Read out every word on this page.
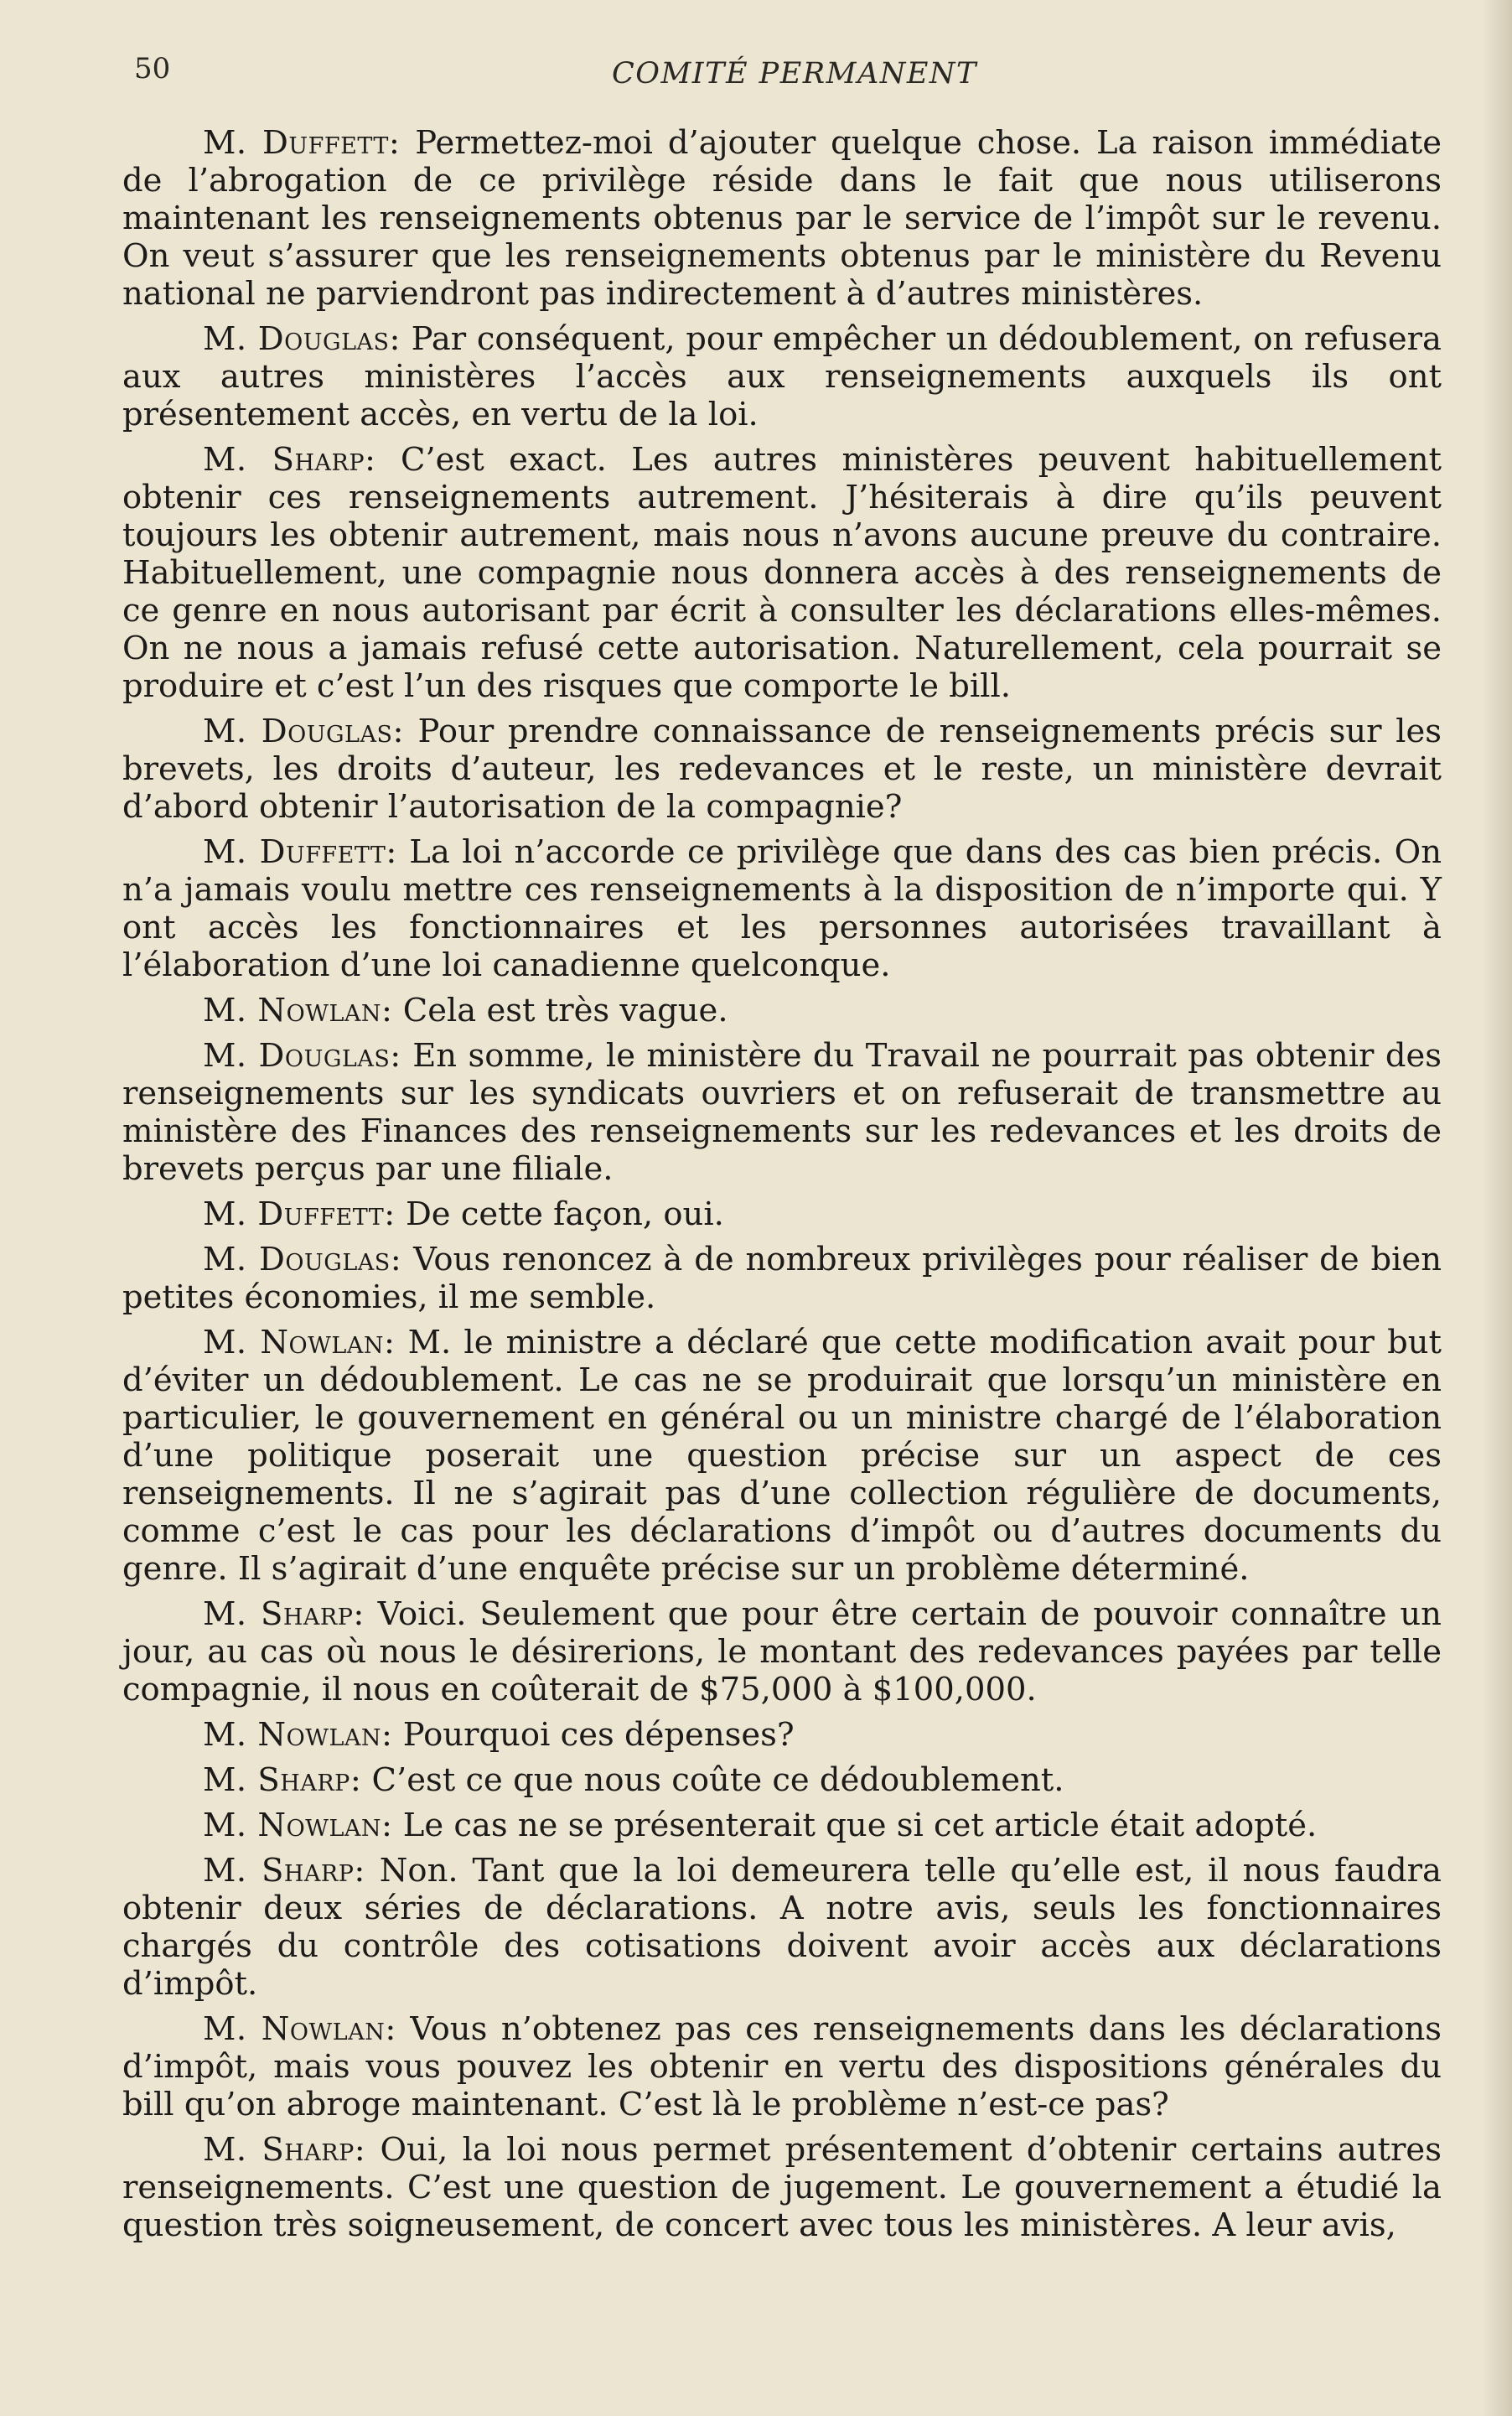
50	COMITÉ PERMANENT

M. Duffett: Permettez-moi d’ajouter quelque chose. La raison immédiate de l’abrogation de ce privilège réside dans le fait que nous utiliserons maintenant les renseignements obtenus par le service de l’impôt sur le revenu. On veut s’assurer que les renseignements obtenus par le ministère du Revenu national ne parviendront pas indirectement à d’autres ministères.

M. Douglas: Par conséquent, pour empêcher un dédoublement, on refusera aux autres ministères l’accès aux renseignements auxquels ils ont présentement accès, en vertu de la loi.

M. Sharp: C’est exact. Les autres ministères peuvent habituellement obtenir ces renseignements autrement. J’hésiterais à dire qu’ils peuvent toujours les obtenir autrement, mais nous n’avons aucune preuve du contraire. Habituellement, une compagnie nous donnera accès à des renseignements de ce genre en nous autorisant par écrit à consulter les déclarations elles-mêmes. On ne nous a jamais refusé cette autorisation. Naturellement, cela pourrait se produire et c’est l’un des risques que comporte le bill.

M. Douglas: Pour prendre connaissance de renseignements précis sur les brevets, les droits d’auteur, les redevances et le reste, un ministère devrait d’abord obtenir l’autorisation de la compagnie?

M. Duffett: La loi n’accorde ce privilège que dans des cas bien précis. On n’a jamais voulu mettre ces renseignements à la disposition de n’importe qui. Y ont accès les fonctionnaires et les personnes autorisées travaillant à l’élaboration d’une loi canadienne quelconque.

M. Nowlan: Cela est très vague.

M. Douglas: En somme, le ministère du Travail ne pourrait pas obtenir des renseignements sur les syndicats ouvriers et on refuserait de transmettre au ministère des Finances des renseignements sur les redevances et les droits de brevets perçus par une filiale.

M. Duffett: De cette façon, oui.

M. Douglas: Vous renoncez à de nombreux privilèges pour réaliser de bien petites économies, il me semble.

M. Nowlan: M. le ministre a déclaré que cette modification avait pour but d’éviter un dédoublement. Le cas ne se produirait que lorsqu’un ministère en particulier, le gouvernement en général ou un ministre chargé de l’élaboration d’une politique poserait une question précise sur un aspect de ces renseignements. Il ne s’agirait pas d’une collection régulière de documents, comme c’est le cas pour les déclarations d’impôt ou d’autres documents du genre. Il s’agirait d’une enquête précise sur un problème déterminé.

M. Sharp: Voici. Seulement que pour être certain de pouvoir connaître un jour, au cas où nous le désirerions, le montant des redevances payées par telle compagnie, il nous en coûterait de $75,000 à $100,000.

M. Nowlan: Pourquoi ces dépenses?

M. Sharp: C’est ce que nous coûte ce dédoublement.

M. Nowlan: Le cas ne se présenterait que si cet article était adopté.

M. Sharp: Non. Tant que la loi demeurera telle qu’elle est, il nous faudra obtenir deux séries de déclarations. A notre avis, seuls les fonctionnaires chargés du contrôle des cotisations doivent avoir accès aux déclarations d’impôt.

M. Nowlan: Vous n’obtenez pas ces renseignements dans les déclarations d’impôt, mais vous pouvez les obtenir en vertu des dispositions générales du bill qu’on abroge maintenant. C’est là le problème n’est-ce pas?

M. Sharp: Oui, la loi nous permet présentement d’obtenir certains autres renseignements. C’est une question de jugement. Le gouvernement a étudié la question très soigneusement, de concert avec tous les ministères. A leur avis,
